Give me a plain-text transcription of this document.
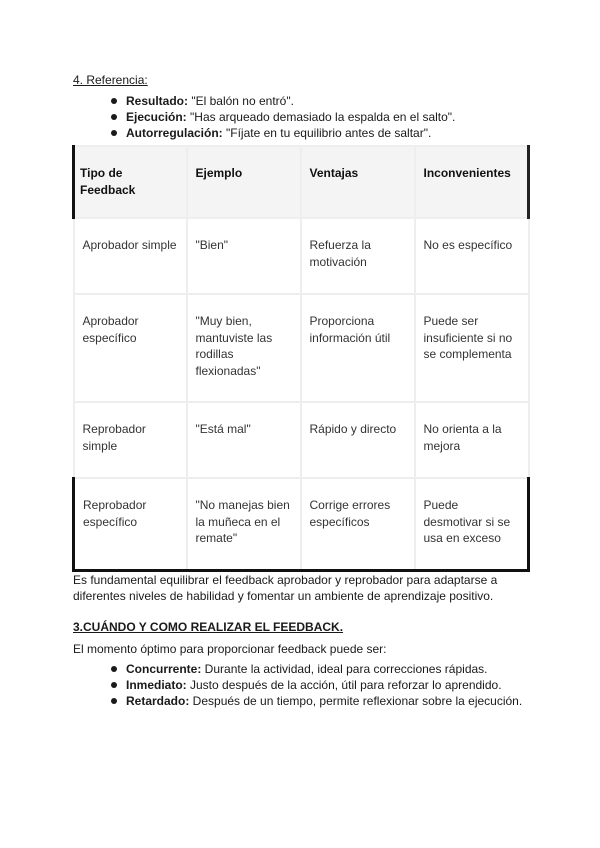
4. Referencia:
Resultado: "El balón no entró".
Ejecución: "Has arqueado demasiado la espalda en el salto".
Autorregulación: "Fíjate en tu equilibrio antes de saltar".
Tipo de Feedback	Ejemplo	Ventajas	Inconvenientes
Aprobador simple	"Bien"	Refuerza la motivación	No es específico
Aprobador específico	"Muy bien, mantuviste las rodillas flexionadas"	Proporciona información útil	Puede ser insuficiente si no se complementa
Reprobador simple	"Está mal"	Rápido y directo	No orienta a la mejora
Reprobador específico	"No manejas bien la muñeca en el remate"	Corrige errores específicos	Puede desmotivar si se usa en exceso
Es fundamental equilibrar el feedback aprobador y reprobador para adaptarse a diferentes niveles de habilidad y fomentar un ambiente de aprendizaje positivo.
3.CUÁNDO Y COMO REALIZAR EL FEEDBACK.
El momento óptimo para proporcionar feedback puede ser:
Concurrente: Durante la actividad, ideal para correcciones rápidas.
Inmediato: Justo después de la acción, útil para reforzar lo aprendido.
Retardado: Después de un tiempo, permite reflexionar sobre la ejecución.
